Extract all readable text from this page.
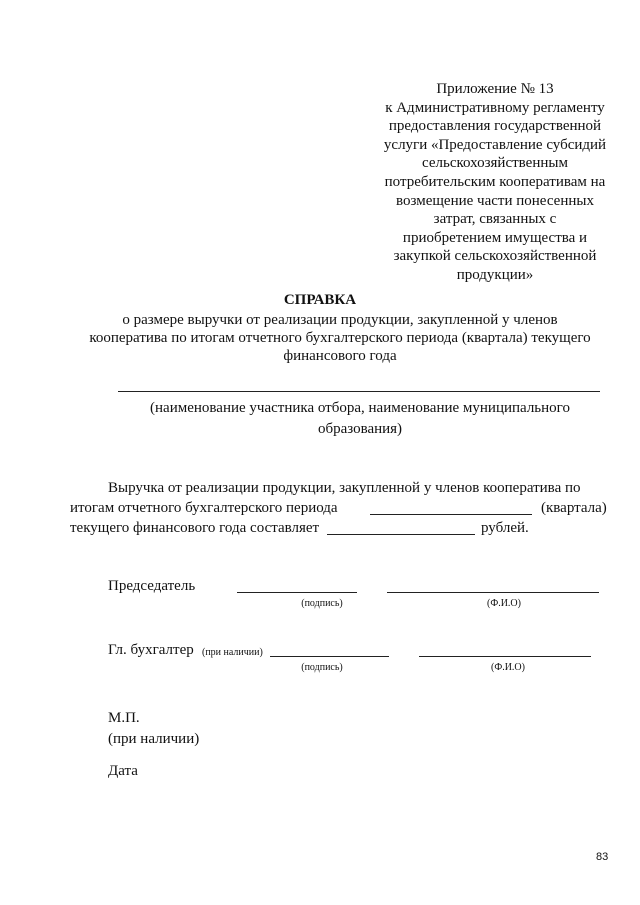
Приложение № 13
к Административному регламенту
предоставления государственной
услуги «Предоставление субсидий
сельскохозяйственным
потребительским кооперативам на
возмещение части понесенных
затрат, связанных с
приобретением имущества и
закупкой сельскохозяйственной
продукции»
СПРАВКА
о размере выручки от реализации продукции, закупленной у членов
кооператива по итогам отчетного бухгалтерского периода (квартала) текущего
финансового года
(наименование участника отбора, наименование муниципального
образования)
Выручка от реализации продукции, закупленной у членов кооператива по
итогам отчетного бухгалтерского периода	(квартала)
текущего финансового года составляет	рублей.
Председатель
(подпись)	(Ф.И.О)
Гл. бухгалтер (при наличии)
(подпись)	(Ф.И.О)
М.П.
(при наличии)
Дата
83
